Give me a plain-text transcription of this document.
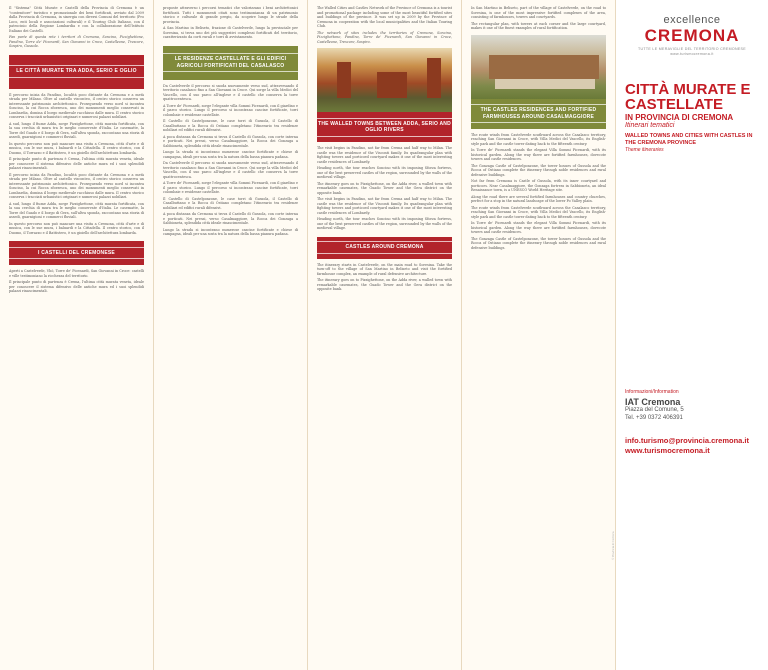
Il "Sistema" Città Murate e Castelli della Provincia di Cremona è un "contenitore" turistico e promozionale dei beni fortificati, avviato dal 2009 dalla Provincia di Cremona, in sinergia con diversi Comuni del territorio (Pro Loco, enti locali e associazioni culturali) e il Touring Club Italiano, con il patrocinio della Regione Lombardia e con la collaborazione dell'Istituto Italiano dei Castelli.

Fan parte di questa rete i territori di Cremona, Soncino, Pizzighettone, Pandino, Torre de' Picenardi, San Giovanni in Croce, Castelleone, Trescore, Sospiro, Gussola.

LE CITTÀ MURATE TRA ADDA, SERIO E OGLIO

Il percorso inizia da Pandino, località poco distante da Cremona e a metà strada per Milano. Oltre al castello visconteo, il centro storico conserva un interessante patrimonio architettonico. Proseguendo verso nord si incontra Soncino, la cui Rocca sforzesca, uno dei monumenti meglio conservati in Lombardia, domina il borgo medievale racchiuso dalle mura. Il centro storico conserva i tracciati urbanistici originari e numerosi palazzi nobiliari.

A sud, lungo il fiume Adda, sorge Pizzighettone, città murata fortificata, con la sua cerchia di mura tra le meglio conservate d'Italia. Le casematte, la Torre del Guado e il borgo di Gera, sull'altra sponda, raccontano una storia di assedi, guarnigioni e commerci fluviali.

In questo percorso non può mancare una visita a Cremona, città d'arte e di musica, con le sue mura, i baluardi e la Cittadella. Il centro storico, con il Duomo, il Torrazzo e il Battistero, è un gioiello dell'architettura lombarda.

Il principale punto di partenza è Crema, l'ultima città murata veneta, ideale per conoscere il sistema difensivo delle antiche mura ed i suoi splendidi palazzi rinascimentali.

Il percorso inizia da Pandino, località poco distante da Cremona e a metà strada per Milano. Oltre al castello visconteo, il centro storico conserva un interessante patrimonio architettonico. Proseguendo verso nord si incontra Soncino, la cui Rocca sforzesca, uno dei monumenti meglio conservati in Lombardia, domina il borgo medievale racchiuso dalle mura. Il centro storico conserva i tracciati urbanistici originari e numerosi palazzi nobiliari.

A sud, lungo il fiume Adda, sorge Pizzighettone, città murata fortificata, con la sua cerchia di mura tra le meglio conservate d'Italia. Le casematte, la Torre del Guado e il borgo di Gera, sull'altra sponda, raccontano una storia di assedi, guarnigioni e commerci fluviali.

In questo percorso non può mancare una visita a Cremona, città d'arte e di musica, con le sue mura, i baluardi e la Cittadella. Il centro storico, con il Duomo, il Torrazzo e il Battistero, è un gioiello dell'architettura lombarda.

I CASTELLI DEL CREMONESE

Aperti a Castelverde, Vhò, Torre de' Picenardi, San Giovanni in Croce: castelli e ville testimoniano la ricchezza del territorio.

Il principale punto di partenza è Crema, l'ultima città murata veneta, ideale per conoscere il sistema difensivo delle antiche mura ed i suoi splendidi palazzi rinascimentali.

proposte attraverso i percorsi tematici che valorizzano i beni architettonici fortificati. Tutti i monumenti citati sono testimonianza di un patrimonio storico e culturale di grande pregio, da scoprire lungo le strade della provincia.

A San Martino in Beliseto, frazione di Castelverde, lungo la provinciale per Soresina, si trova uno dei più suggestivi complessi fortificati del territorio, caratterizzato da corti rurali e torri di avvistamento.

LE RESIDENZE CASTELLATE E GLI EDIFICI AGRICOLI FORTIFICATI DEL CASALASCO

Da Castelverde il percorso si snoda nuovamente verso sud, attraversando il territorio casalasco fino a San Giovanni in Croce. Qui sorge la villa Medici del Vascello, con il suo parco all'inglese e il castello che conserva la torre quattrocentesca.

A Torre de' Picenardi, sorge l'elegante villa Sommi Picenardi, con il giardino e il parco storico. Lungo il percorso si incontrano cascine fortificate, torri colombaie e residenze castellate.

Il Castello di Castelponzone, le case torri di Gussola, il Castello di Casalbuttano e la Rocca di Ostiano completano l'itinerario tra residenze nobiliari ed edifici rurali difensivi.

A poca distanza da Cremona si trova il Castello di Gussola, con corte interna e porticati. Nei pressi, verso Casalmaggiore, la Rocca dei Gonzaga a Sabbioneta, splendida città ideale rinascimentale.

Lungo la strada si incontrano numerose cascine fortificate e chiese di campagna, ideali per una sosta tra la natura della bassa pianura padana.

Da Castelverde il percorso si snoda nuovamente verso sud, attraversando il territorio casalasco fino a San Giovanni in Croce. Qui sorge la villa Medici del Vascello, con il suo parco all'inglese e il castello che conserva la torre quattrocentesca.

A Torre de' Picenardi, sorge l'elegante villa Sommi Picenardi, con il giardino e il parco storico. Lungo il percorso si incontrano cascine fortificate, torri colombaie e residenze castellate.

Il Castello di Castelponzone, le case torri di Gussola, il Castello di Casalbuttano e la Rocca di Ostiano completano l'itinerario tra residenze nobiliari ed edifici rurali difensivi.

A poca distanza da Cremona si trova il Castello di Gussola, con corte interna e porticati. Nei pressi, verso Casalmaggiore, la Rocca dei Gonzaga a Sabbioneta, splendida città ideale rinascimentale.

Lungo la strada si incontrano numerose cascine fortificate e chiese di campagna, ideali per una sosta tra la natura della bassa pianura padana.

The Walled Cities and Castles Network of the Province of Cremona is a tourist and promotional package including some of the most beautiful fortified sites and buildings of the province. It was set up in 2009 by the Province of Cremona in cooperation with the local municipalities and the Italian Touring Club.

The network of sites includes the territories of Cremona, Soncino, Pizzighettone, Pandino, Torre de' Picenardi, San Giovanni in Croce, Castelleone, Trescore, Sospiro.

THE WALLED TOWNS BETWEEN ADDA, SERIO AND OGLIO RIVERS

The visit begins in Pandino, not far from Crema and half way to Milan. The castle was the residence of the Visconti family. Its quadrangular plan with fighting towers and porticoed courtyard makes it one of the most interesting castle residences of Lombardy.

Heading north, the tour reaches Soncino with its imposing Sforza fortress, one of the best preserved castles of the region, surrounded by the walls of the medieval village.

The itinerary goes on to Pizzighettone, on the Adda river, a walled town with remarkable casemates, the Guado Tower and the Gera district on the opposite bank.

The visit begins in Pandino, not far from Crema and half way to Milan. The castle was the residence of the Visconti family. Its quadrangular plan with fighting towers and porticoed courtyard makes it one of the most interesting castle residences of Lombardy.

Heading north, the tour reaches Soncino with its imposing Sforza fortress, one of the best preserved castles of the region, surrounded by the walls of the medieval village.

CASTLES AROUND CREMONA

The itinerary starts in Castelverde, on the main road to Soresina. Take the turn-off to the village of San Martino in Beliseto and visit the fortified farmhouse complex, an example of rural defensive architecture.

The itinerary goes on to Pizzighettone, on the Adda river, a walled town with remarkable casemates, the Guado Tower and the Gera district on the opposite bank.

In San Martino in Beliseto, part of the village of Castelverde, on the road to Soresina, is one of the most impressive fortified complexes of the area, consisting of farmhouses, towers and courtyards.

The rectangular plan, with towers at each corner and the large courtyard, makes it one of the finest examples of rural fortification.

THE CASTLES RESIDENCES AND FORTIFIED FARMHOUSES AROUND CASALMAGGIORE

The route winds from Castelverde southward across the Casalasco territory, reaching San Giovanni in Croce, with Villa Medici del Vascello, its English-style park and the castle tower dating back to the fifteenth century.

In Torre de' Picenardi stands the elegant Villa Sommi Picenardi, with its historical garden. Along the way there are fortified farmhouses, dovecote towers and castle residences.

The Gonzaga Castle of Castelponzone, the tower houses of Gussola and the Rocca of Ostiano complete the itinerary through noble residences and rural defensive buildings.

Not far from Cremona is Castle of Gussola, with its inner courtyard and porticoes. Near Casalmaggiore, the Gonzaga fortress in Sabbioneta, an ideal Renaissance town, is a UNESCO World Heritage site.

Along the road there are several fortified farmhouses and country churches, perfect for a stop in the natural landscape of the lower Po Valley plain.

The route winds from Castelverde southward across the Casalasco territory, reaching San Giovanni in Croce, with Villa Medici del Vascello, its English-style park and the castle tower dating back to the fifteenth century.

In Torre de' Picenardi stands the elegant Villa Sommi Picenardi, with its historical garden. Along the way there are fortified farmhouses, dovecote towers and castle residences.

The Gonzaga Castle of Castelponzone, the tower houses of Gussola and the Rocca of Ostiano complete the itinerary through noble residences and rural defensive buildings.

excellence
CREMONA
TUTTE LE MERAVIGLIE DEL TERRITORIO CREMONESE
www.turismocremona.it
CITTÀ MURATE E CASTELLATE
IN PROVINCIA DI CREMONA
Itinerari tematici
WALLED TOWNS AND CITIES WITH CASTLES IN THE CREMONA PROVINCE
Theme itineraries
Informazioni/Information
IAT Cremona
Piazza del Comune, 5
Tel. +39 0372 406391
info.turismo@provincia.cremona.it
www.turismocremona.it
© Provincia di Cremona
